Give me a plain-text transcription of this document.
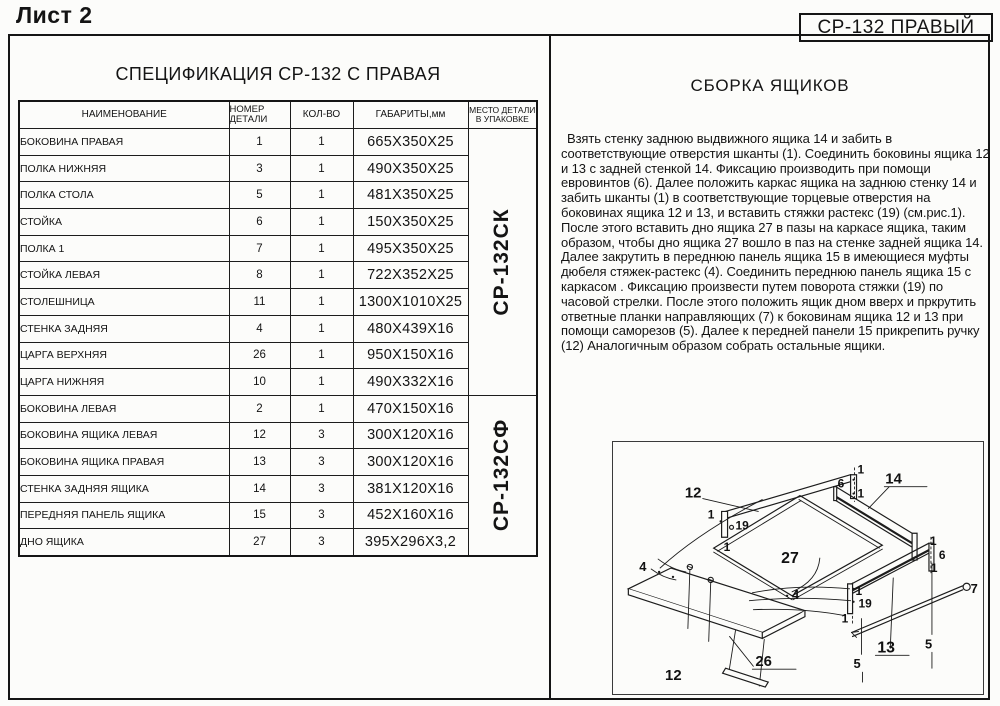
Лист 2	СР-132 ПРАВЫЙ
СПЕЦИФИКАЦИЯ СР-132 С ПРАВАЯ
НАИМЕНОВАНИЕ	НОМЕР ДЕТАЛИ	КОЛ-ВО	ГАБАРИТЫ,мм	МЕСТО ДЕТАЛИ В УПАКОВКЕ
БОКОВИНА ПРАВАЯ	1	1	665X350X25	СР-132СК

ПОЛКА НИЖНЯЯ	3	1	490X350X25	
ПОЛКА СТОЛА	5	1	481X350X25	
СТОЙКА	6	1	150X350X25	
ПОЛКА 1	7	1	495X350X25	
СТОЙКА ЛЕВАЯ	8	1	722X352X25	
СТОЛЕШНИЦА	11	1	1300X1010X25	
СТЕНКА ЗАДНЯЯ	4	1	480X439X16	
ЦАРГА ВЕРХНЯЯ	26	1	950X150X16	
ЦАРГА НИЖНЯЯ	10	1	490X332X16	
БОКОВИНА ЛЕВАЯ	2	1	470X150X16	СР-132СФ

БОКОВИНА ЯЩИКА ЛЕВАЯ	12	3	300X120X16	
БОКОВИНА ЯЩИКА ПРАВАЯ	13	3	300X120X16	
СТЕНКА ЗАДНЯЯ ЯЩИКА	14	3	381X120X16	
ПЕРЕДНЯЯ ПАНЕЛЬ ЯЩИКА	15	3	452X160X16	
ДНО ЯЩИКА	27	3	395X296X3,2	
СБОРКА ЯЩИКОВ

Взять стенку заднюю выдвижного ящика 14 и забить в соответствующие отверстия шканты (1). Соединить боковины ящика 12 и 13 с задней стенкой 14. Фиксацию производить при помощи евровинтов (6). Далее положить каркас ящика на заднюю стенку 14 и забить шканты (1) в соответствующие торцевые отверстия на боковинах ящика 12 и 13, и вставить стяжки растекс (19) (см.рис.1). После этого вставить дно ящика 27 в пазы на каркасе ящика, таким образом, чтобы дно ящика 27 вошло в паз на стенке задней ящика 14. Далее закрутить в переднюю панель ящика 15 в имеющиеся муфты дюбеля стяжек-растекс (4). Соединить переднюю панель ящика 15 с каркасом . Фиксацию произвести путем поворота стяжки (19) по часовой стрелки. После этого положить ящик дном вверх и пркрутить ответные планки направляющих (7) к боковинам ящика 12 и 13 при помощи саморезов (5). Далее к передней панели 15 прикрепить ручку (12) Аналогичным образом собрать остальные ящики.

12
1
6
1
14
1
19
1
4	27
1
6
1
7
1
19
1
4
5
13
5
26
12
